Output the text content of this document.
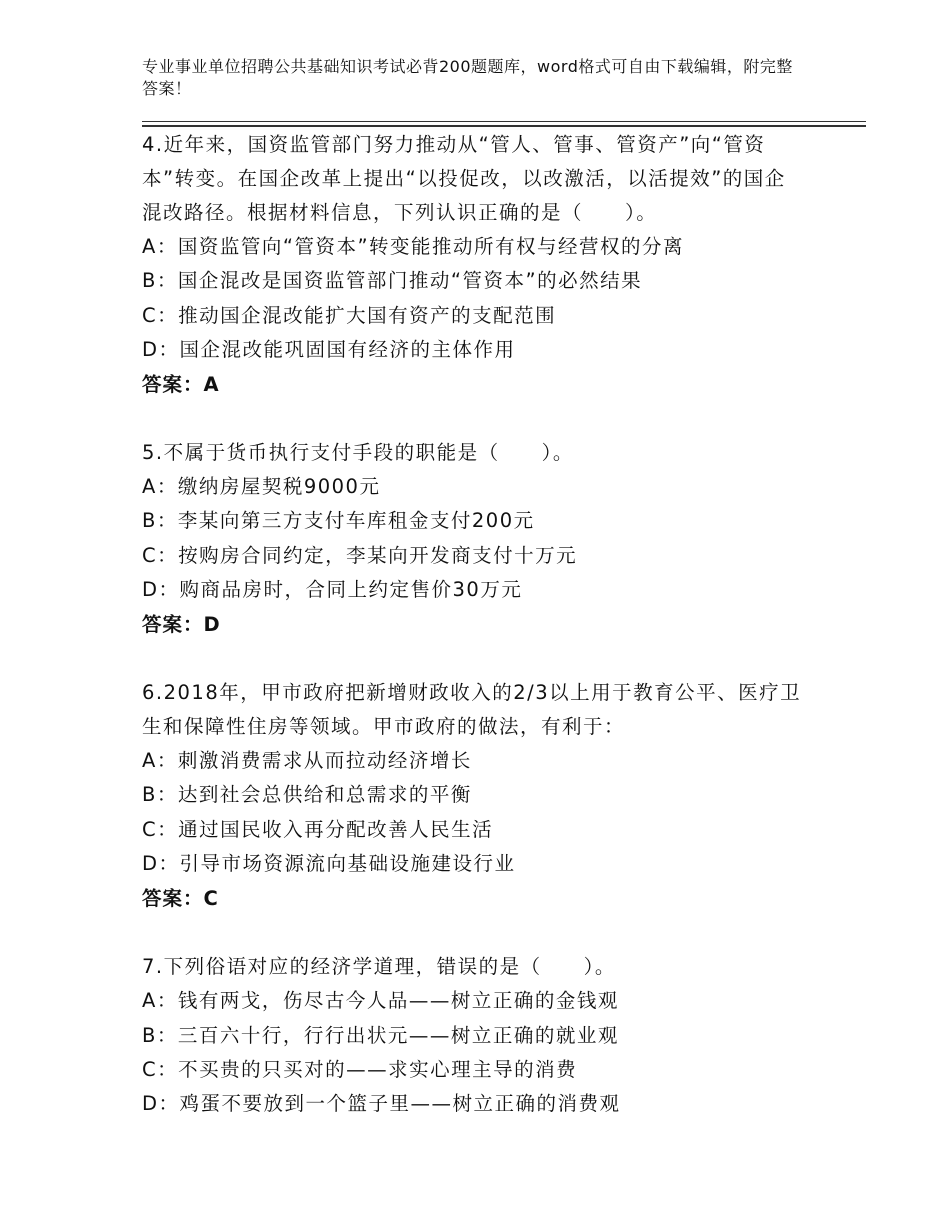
专业事业单位招聘公共基础知识考试必背200题题库，word格式可自由下载编辑，附完整答案！
4.近年来，国资监管部门努力推动从“管人、管事、管资产”向“管资本”转变。在国企改革上提出“以投促改，以改激活，以活提效”的国企混改路径。根据材料信息，下列认识正确的是（　　）。
A：国资监管向“管资本”转变能推动所有权与经营权的分离
B：国企混改是国资监管部门推动“管资本”的必然结果
C：推动国企混改能扩大国有资产的支配范围
D：国企混改能巩固国有经济的主体作用
答案：A
5.不属于货币执行支付手段的职能是（　　）。
A：缴纳房屋契税9000元
B：李某向第三方支付车库租金支付200元
C：按购房合同约定，李某向开发商支付十万元
D：购商品房时，合同上约定售价30万元
答案：D
6.2018年，甲市政府把新增财政收入的2/3以上用于教育公平、医疗卫生和保障性住房等领域。甲市政府的做法，有利于：
A：刺激消费需求从而拉动经济增长
B：达到社会总供给和总需求的平衡
C：通过国民收入再分配改善人民生活
D：引导市场资源流向基础设施建设行业
答案：C
7.下列俗语对应的经济学道理，错误的是（　　）。
A：钱有两戈，伤尽古今人品——树立正确的金钱观
B：三百六十行，行行出状元——树立正确的就业观
C：不买贵的只买对的——求实心理主导的消费
D：鸡蛋不要放到一个篮子里——树立正确的消费观
